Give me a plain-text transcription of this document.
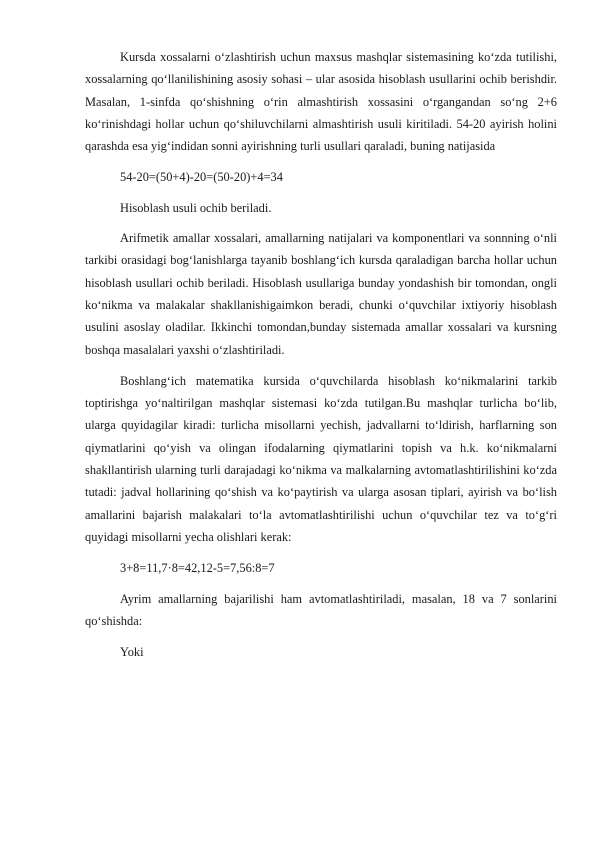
Kursda xossalarni o‘zlashtirish uchun maxsus mashqlar sistemasining ko‘zda tutilishi, xossalarning qo‘llanilishining asosiy sohasi – ular asosida hisoblash usullarini ochib berishdir. Masalan, 1-sinfda qo‘shishning o‘rin almashtirish xossasini o‘rgangandan so‘ng 2+6 ko‘rinishdagi hollar uchun qo‘shiluvchilarni almashtirish usuli kiritiladi. 54-20 ayirish holini qarashda esa yig‘indidan sonni ayirishning turli usullari qaraladi, buning natijasida

54-20=(50+4)-20=(50-20)+4=34

Hisoblash usuli ochib beriladi.

Arifmetik amallar xossalari, amallarning natijalari va komponentlari va sonnning o‘nli tarkibi orasidagi bog‘lanishlarga tayanib boshlang‘ich kursda qaraladigan barcha hollar uchun hisoblash usullari ochib beriladi. Hisoblash usullariga bunday yondashish bir tomondan, ongli ko‘nikma va malakalar shakllanishigaimkon beradi, chunki o‘quvchilar ixtiyoriy hisoblash usulini asoslay oladilar. Ikkinchi tomondan,bunday sistemada amallar xossalari va kursning boshqa masalalari yaxshi o‘zlashtiriladi.

Boshlang‘ich matematika kursida o‘quvchilarda hisoblash ko‘nikmalarini tarkib toptirishga yo‘naltirilgan mashqlar sistemasi ko‘zda tutilgan.Bu mashqlar turlicha bo‘lib, ularga quyidagilar kiradi: turlicha misollarni yechish, jadvallarni to‘ldirish, harflarning son qiymatlarini qo‘yish va olingan ifodalarning qiymatlarini topish va h.k. ko‘nikmalarni shakllantirish ularning turli darajadagi ko‘nikma va malkalarning avtomatlashtirilishini ko‘zda tutadi: jadval hollarining qo‘shish va ko‘paytirish va ularga asosan tiplari, ayirish va bo‘lish amallarini bajarish malakalari to‘la avtomatlashtirilishi uchun o‘quvchilar tez va to‘g‘ri quyidagi misollarni yecha olishlari kerak:

3+8=11,7·8=42,12-5=7,56:8=7

Ayrim amallarning bajarilishi ham avtomatlashtiriladi, masalan, 18 va 7 sonlarini qo‘shishda:

Yoki
